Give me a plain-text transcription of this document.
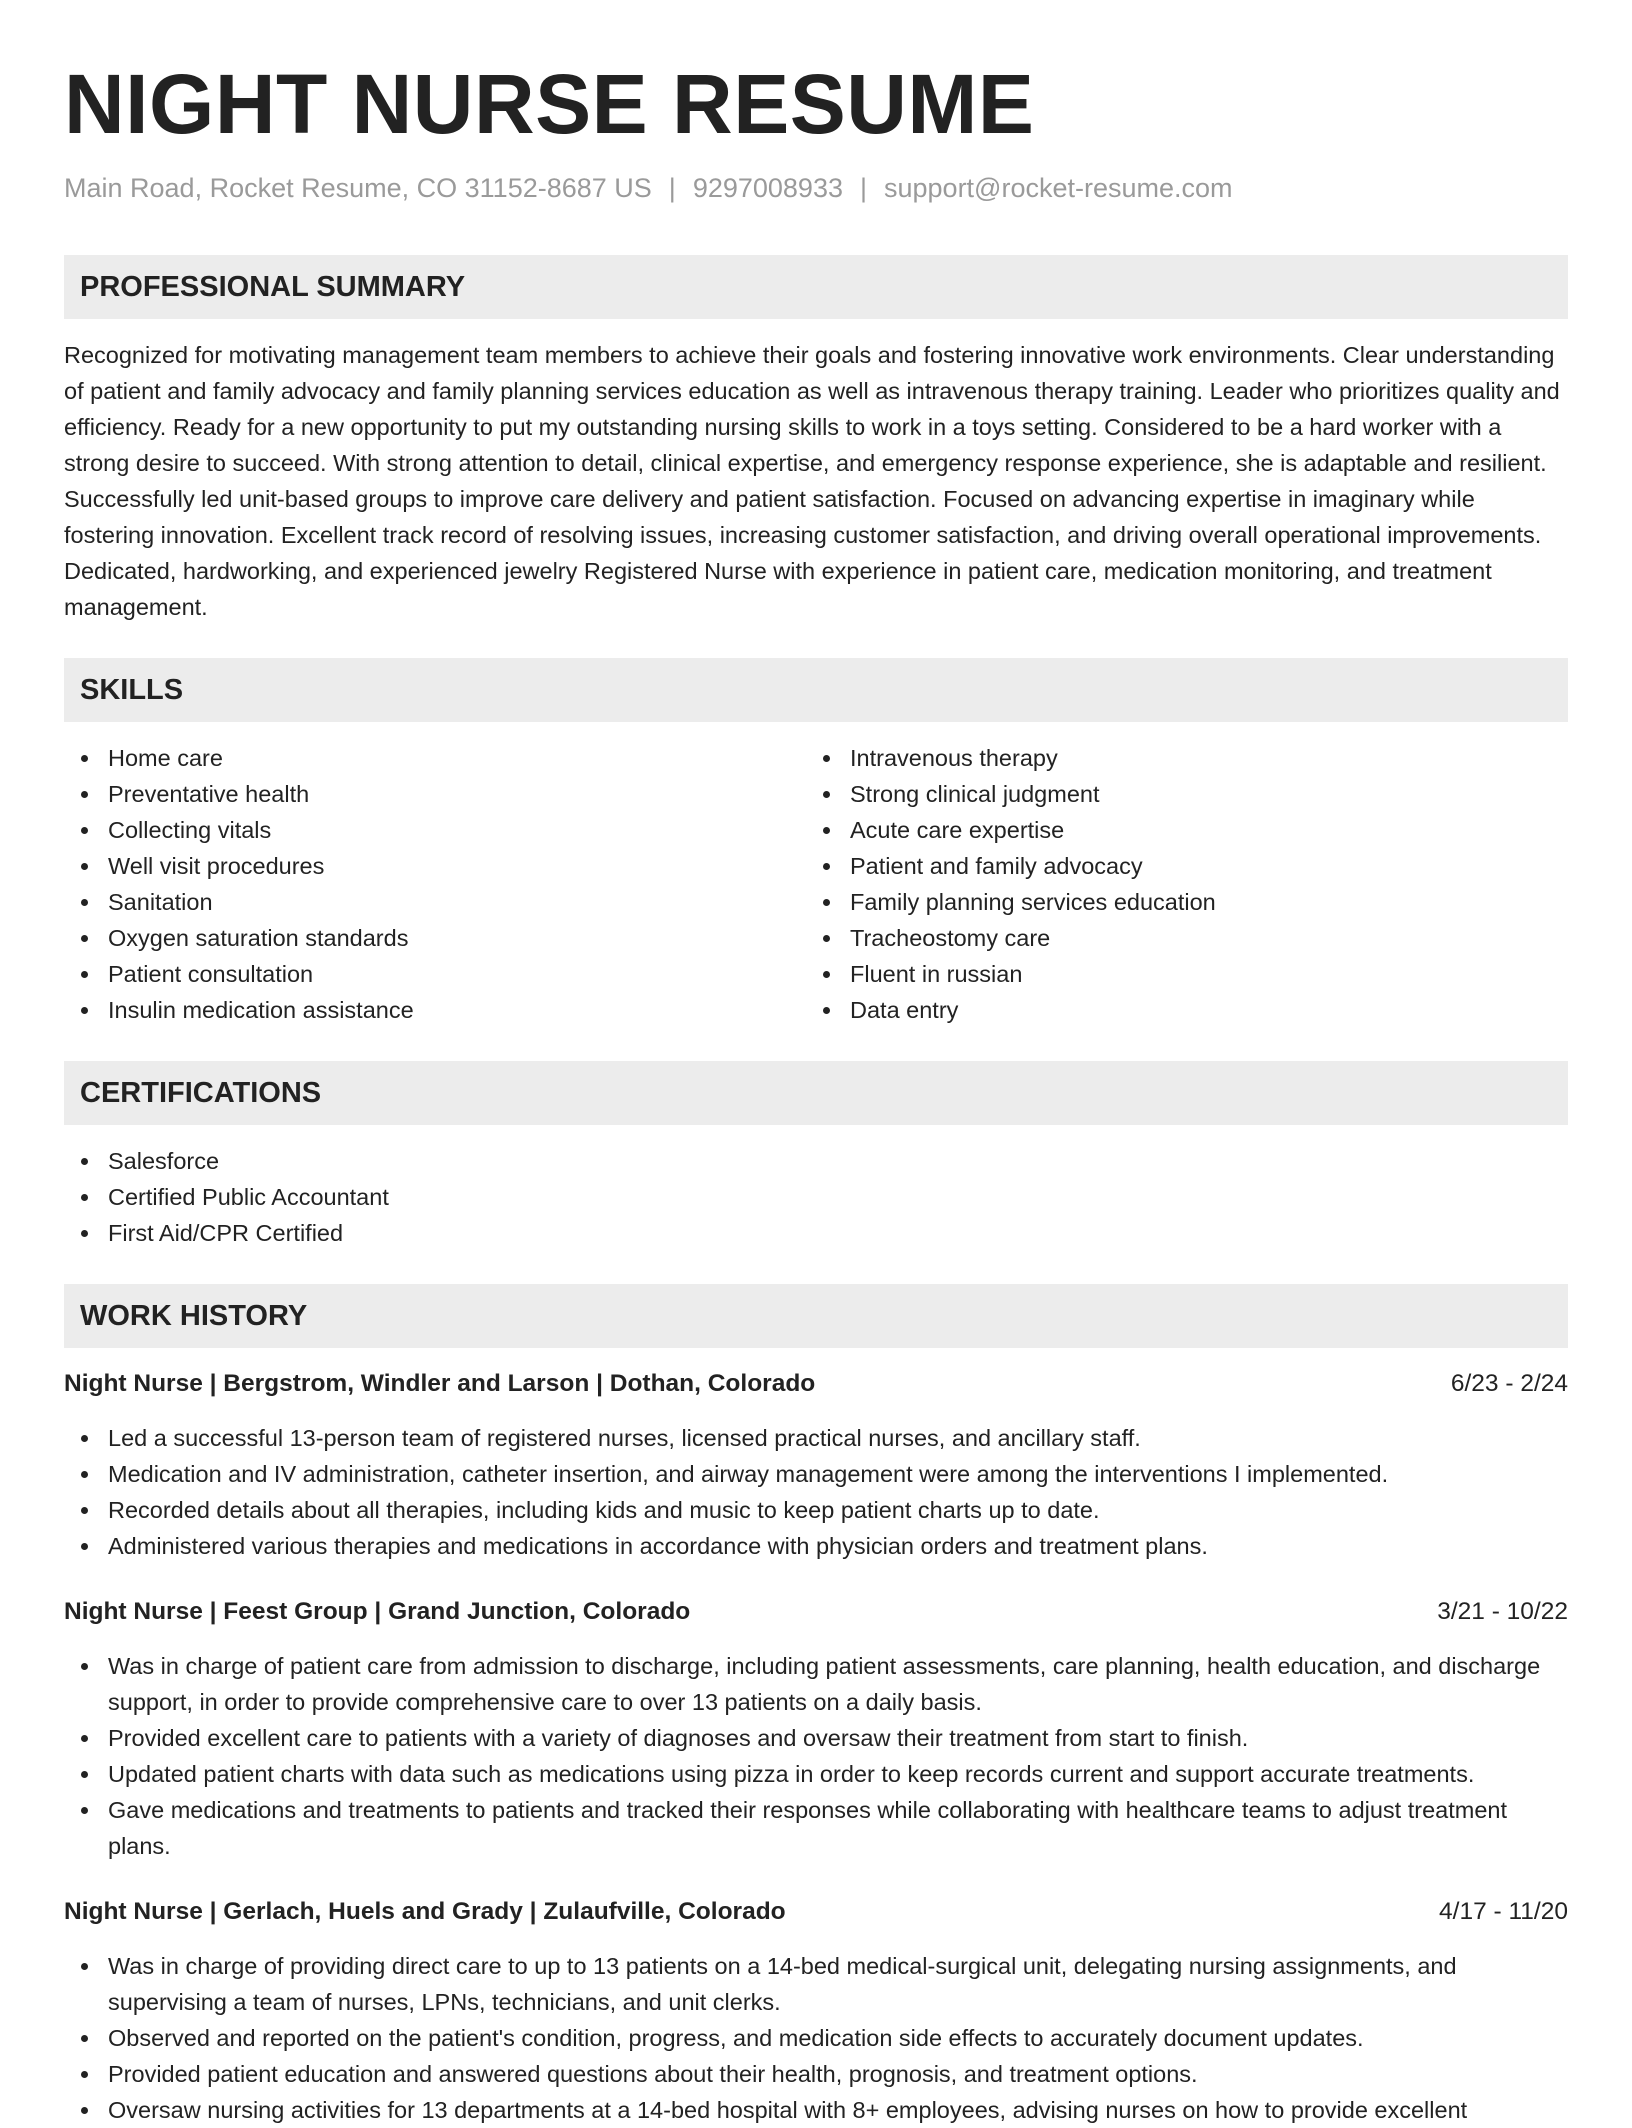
NIGHT NURSE RESUME
Main Road, Rocket Resume, CO 31152-8687 US | 9297008933 | support@rocket-resume.com
PROFESSIONAL SUMMARY

Recognized for motivating management team members to achieve their goals and fostering innovative work environments. Clear understanding of patient and family advocacy and family planning services education as well as intravenous therapy training. Leader who prioritizes quality and efficiency. Ready for a new opportunity to put my outstanding nursing skills to work in a toys setting. Considered to be a hard worker with a strong desire to succeed. With strong attention to detail, clinical expertise, and emergency response experience, she is adaptable and resilient. Successfully led unit-based groups to improve care delivery and patient satisfaction. Focused on advancing expertise in imaginary while fostering innovation. Excellent track record of resolving issues, increasing customer satisfaction, and driving overall operational improvements. Dedicated, hardworking, and experienced jewelry Registered Nurse with experience in patient care, medication monitoring, and treatment management.

SKILLS
Home care
Preventative health
Collecting vitals
Well visit procedures
Sanitation
Oxygen saturation standards
Patient consultation
Insulin medication assistance
Intravenous therapy
Strong clinical judgment
Acute care expertise
Patient and family advocacy
Family planning services education
Tracheostomy care
Fluent in russian
Data entry
CERTIFICATIONS
Salesforce
Certified Public Accountant
First Aid/CPR Certified
WORK HISTORY
Night Nurse | Bergstrom, Windler and Larson | Dothan, Colorado	6/23 - 2/24
Led a successful 13-person team of registered nurses, licensed practical nurses, and ancillary staff.
Medication and IV administration, catheter insertion, and airway management were among the interventions I implemented.
Recorded details about all therapies, including kids and music to keep patient charts up to date.
Administered various therapies and medications in accordance with physician orders and treatment plans.
Night Nurse | Feest Group | Grand Junction, Colorado	3/21 - 10/22
Was in charge of patient care from admission to discharge, including patient assessments, care planning, health education, and discharge support, in order to provide comprehensive care to over 13 patients on a daily basis.
Provided excellent care to patients with a variety of diagnoses and oversaw their treatment from start to finish.
Updated patient charts with data such as medications using pizza in order to keep records current and support accurate treatments.
Gave medications and treatments to patients and tracked their responses while collaborating with healthcare teams to adjust treatment plans.
Night Nurse | Gerlach, Huels and Grady | Zulaufville, Colorado	4/17 - 11/20
Was in charge of providing direct care to up to 13 patients on a 14-bed medical-surgical unit, delegating nursing assignments, and supervising a team of nurses, LPNs, technicians, and unit clerks.
Observed and reported on the patient's condition, progress, and medication side effects to accurately document updates.
Provided patient education and answered questions about their health, prognosis, and treatment options.
Oversaw nursing activities for 13 departments at a 14-bed hospital with 8+ employees, advising nurses on how to provide excellent
